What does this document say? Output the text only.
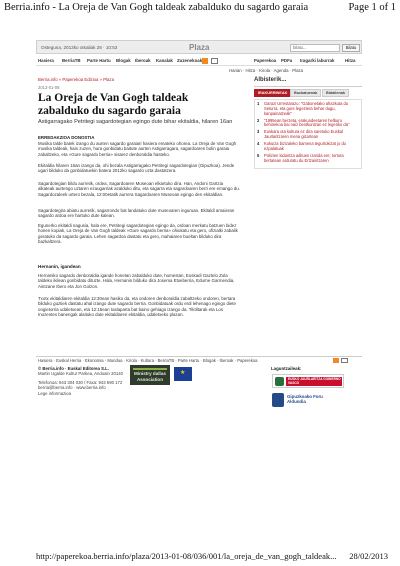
Berria.info - La Oreja de Van Gogh taldeak zabalduko du sagardo garaia	Page 1 of 1
Osteguna, 2013ko otsailak 28 · 10:53	Plaza	bilatu...	Bilatu
Hasiera BerriaTB Parte Hartu Blogak Iberoak Kanalak Zuzenekoak	Paperekoa PDFa Iragarki laburrak Hitza
Harian · Hitza · Kirola · Agenda · Plaza
Berria.info » Paperekoa Edizioa » Plaza
2013-01-08
La Oreja de Van Gogh taldeak zabalduko du sagardo garaia
Astigarragako Petritegi sagardotegian egingo dute bihar ekitaldia, hilaren 16an
ERREDAKZIOA DONOSTIA

Musika talde batek izango du aurten sagardo garaiari hasiera emateko ohorea. La Oreja de Van Gogh musika taldeak, hain zuzen, hura gonbidatu baitute aurten Astigarragara, sagardoaren bolin garaia zabaltzeko, eta «Gure sagardo berria» sisarez denboraldia hasteko.

Ekitaldia hilaren 16an izango da, ohi bezala Astigarragako Petritegi sagardotegian (Gipuzkoa). Jende ugari bilduko da gonbidatuekin batera 2012ko sagardo uzta dastatzera.

Sagardotegian bildu aurretik, ordea, Sagardoaren Museoan elkartuko dira. Han, Andoni Gartzia alkateak aurtengo uztaren ezaugarriak azalduko ditu, eta sagarra eta sagardoaren berri ere emango du. Sagardozaleek urtero bezala, 12:00etatik aurrera Sagardoaren Museoan egingo den ekitaldian.

Sagardotegira abiatu aurretik, sagarrondo bat landatuko dute museoaren inguruan. Ekitaldi amaieran sagardo ardoa ere hartuko dute kalean.

Egunerko ekitaldi nagusia, hala ere, Petritegi sagardotegian egingo da, ordoan merkatu batzuen bidez honen kopiak, La Oreja de Van Gogh taldeak «Gure sagardo berria» ohiukatu eta gero, ofizialki zabalik geratuko da sagardo garaia. Lehen sagardoa dastatu eta gero, mahaiaren bueltan bilduko dira bazkaltzera.

Hernanin, igandean

Hernaniko sagardo denboraldia igande honetan zabalduko dute, homestan, Euskadi Gaztelo Zola taldeko ikilean gonbidatu dituzte. Hala, Hernanin bilduko dira Josema Etxeberria, Edurne Garmendia, Aintzane Ibero eta Jon Golzon.

Txotx ekitaldiaren ekitaldia 12:30ean hasiko da, eta ondoren denboraldia zabaltzeko ondoren, bertara bilduko guztiek dastatu ahal izango dute sagardo berria. Gonbidatuak ordu erdi lehenago egingo diete ongietorria udaletxean, eta 12:15ean txalaparta bat baino gehiago izango da. Tiktiltarak eta Los Inozentes banengak alaituko dute ekitaldiaren ekitaldia, udaletxeko plazan.

Albisterik...
IRAKURRINEAK	Bozkatuenak	Bidalienak
1 Garazi Urrestarazu: "Gabonetako ahazkuta du Seturra, eta gure legeztera behar dugu, kanpainatzeak"
2 "1995ean berzeta, erakundeetaren helburu behinekoa bai naiz bestkuntzan ez legeriko da"
3 Euskara ota kultura ez dira saretuko Euskal Jaurlaritzaren mena gizartean
4 Kokuiza bizizaleko bamena tegurtokizat jo du ezpalatuak
5 Polizien kiduntza adituen izarida ere; tortura bertatean arduratu du Ertzaintzaren
Hasiera · Euskal Herria · Ekonomia · Mundua · Kirola · Kultura · BerriaTB · Parte Hartu · Blogak · Iberoak · Paperekoa
© Berria.info · Euskal Editorea S.L.
Martin Ugalde Kultur Parkea, Andoain 20140
Telefonoa: 943 304 030 / Faxa: 943 590 172
berria@berria.info · www.berria.info
Lege informazioa
Ministry dallas Association
★
Laguntzaileak:
EUSKO JAURLARITZA GOBIERNO VASCO
Gipuzkoako Foru Aldundia
http://paperekoa.berria.info/plaza/2013-01-08/036/001/la_oreja_de_van_gogh_taldeak... 28/02/2013
